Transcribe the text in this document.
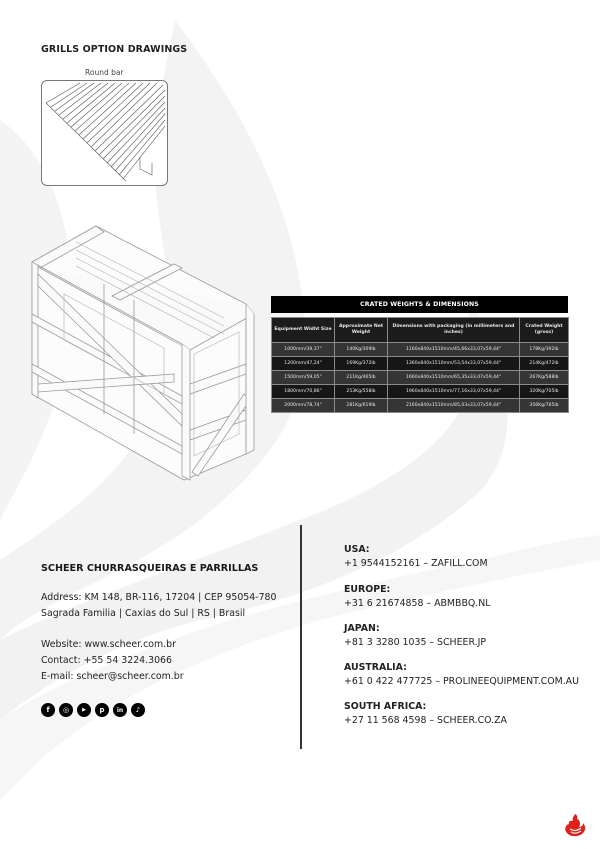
GRILLS OPTION DRAWINGS
Round bar
CRATED WEIGHTS & DIMENSIONS
Equipment Widht Size	Approximate Net Weight	Dimensions with packaging (in millimeters and inches)	Crated Weight (gross)
1000mm/39,37"	140Kg/309lb	1160x840x1510mm/45,66x33,07x59,44"	178Kg/392lb
1200mm/47,24"	169Kg/372lb	1360x840x1510mm/53,54x33,07x59,44"	214Kg/472lb
1500mm/59,05"	211Kg/465lb	1660x840x1510mm/65,35x33,07x59,44"	267Kg/588lb
1800mm/70,86"	253Kg/558lb	1960x840x1510mm/77,16x33,07x59,44"	320Kg/705lb
2000mm/78,74"	281Kg/619lb	2160x840x1510mm/85,03x33,07x59,44"	356Kg/785lb
SCHEER CHURRASQUEIRAS E PARRILLAS
Address: KM 148, BR-116, 17204 | CEP 95054-780
Sagrada Familia | Caxias do Sul | RS | Brasil
Website: www.scheer.com.br
Contact: +55 54 3224.3066
E-mail: scheer@scheer.com.br
f	◎	▶	p	in	♪
USA:
+1 9544152161 – ZAFILL.COM
EUROPE:
+31 6 21674858 – ABMBBQ.NL
JAPAN:
+81 3 3280 1035 – SCHEER.JP
AUSTRALIA:
+61 0 422 477725 – PROLINEEQUIPMENT.COM.AU
SOUTH AFRICA:
+27 11 568 4598 – SCHEER.CO.ZA
